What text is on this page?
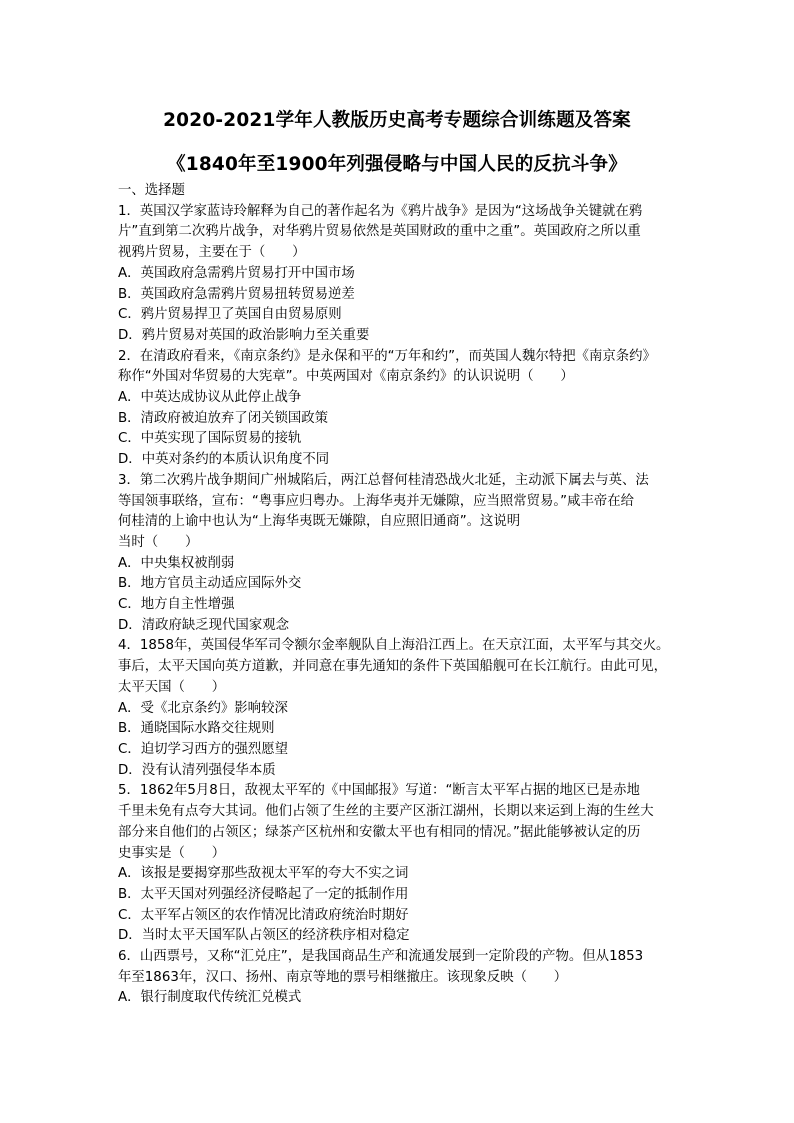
2020-2021学年人教版历史高考专题综合训练题及答案
《1840年至1900年列强侵略与中国人民的反抗斗争》
一、选择题
1．英国汉学家蓝诗玲解释为自己的著作起名为《鸦片战争》是因为“这场战争关键就在鸦
片”直到第二次鸦片战争，对华鸦片贸易依然是英国财政的重中之重”。英国政府之所以重
视鸦片贸易，主要在于（　　）
A．英国政府急需鸦片贸易打开中国市场
B．英国政府急需鸦片贸易扭转贸易逆差
C．鸦片贸易捍卫了英国自由贸易原则
D．鸦片贸易对英国的政治影响力至关重要
2．在清政府看来，《南京条约》是永保和平的“万年和约”，而英国人魏尔特把《南京条约》
称作“外国对华贸易的大宪章”。中英两国对《南京条约》的认识说明（　　）
A．中英达成协议从此停止战争
B．清政府被迫放弃了闭关锁国政策
C．中英实现了国际贸易的接轨
D．中英对条约的本质认识角度不同
3．第二次鸦片战争期间广州城陷后，两江总督何桂清恐战火北延，主动派下属去与英、法
等国领事联络，宣布：“粤事应归粤办。上海华夷并无嫌隙，应当照常贸易。”咸丰帝在给
何桂清的上谕中也认为“上海华夷既无嫌隙，自应照旧通商”。这说明
当时（　　）
A．中央集权被削弱
B．地方官员主动适应国际外交
C．地方自主性增强
D．清政府缺乏现代国家观念
4．1858年，英国侵华军司令额尔金率舰队自上海沿江西上。在天京江面，太平军与其交火。
事后，太平天国向英方道歉，并同意在事先通知的条件下英国船舰可在长江航行。由此可见，
太平天国（　　）
A．受《北京条约》影响较深
B．通晓国际水路交往规则
C．迫切学习西方的强烈愿望
D．没有认清列强侵华本质
5．1862年5月8日，敌视太平军的《中国邮报》写道：“断言太平军占据的地区已是赤地
千里未免有点夸大其词。他们占领了生丝的主要产区浙江湖州，长期以来运到上海的生丝大
部分来自他们的占领区；绿茶产区杭州和安徽太平也有相同的情况。”据此能够被认定的历
史事实是（　　）
A．该报是要揭穿那些敌视太平军的夸大不实之词
B．太平天国对列强经济侵略起了一定的抵制作用
C．太平军占领区的农作情况比清政府统治时期好
D．当时太平天国军队占领区的经济秩序相对稳定
6．山西票号，又称“汇兑庄”，是我国商品生产和流通发展到一定阶段的产物。但从1853
年至1863年，汉口、扬州、南京等地的票号相继撤庄。该现象反映（　　）
A．银行制度取代传统汇兑模式
